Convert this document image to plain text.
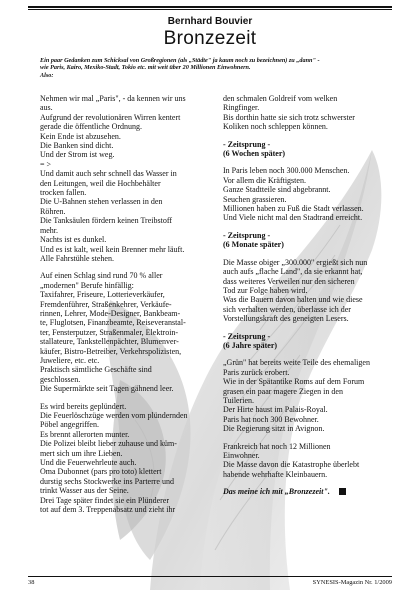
Bernhard Bouvier
Bronzezeit
Ein paar Gedanken zum Schicksal von Großregionen (als „Städte" ja kaum noch zu bezeichnen) zu „dann" -
wie Paris, Kairo, Mexiko-Stadt, Tokio etc. mit weit über 20 Millionen Einwohnern.
Also:

Nehmen wir mal „Paris", - da kennen wir uns
aus.
Aufgrund der revolutionären Wirren kentert
gerade die öffentliche Ordnung.
Kein Ende ist abzusehen.
Die Banken sind dicht.
Und der Strom ist weg.
= >
Und damit auch sehr schnell das Wasser in
den Leitungen, weil die Hochbehälter
trocken fallen.
Die U-Bahnen stehen verlassen in den
Röhren.
Die Tanksäulen fördern keinen Treibstoff
mehr.
Nachts ist es dunkel.
Und es ist kalt, weil kein Brenner mehr läuft.
Alle Fahrstühle stehen.

Auf einen Schlag sind rund 70 % aller
„modernen" Berufe hinfällig:
Taxifahrer, Friseure, Lotterieverkäufer,
Fremdenführer, Straßenkehrer, Verkäufe-
rinnen, Lehrer, Mode-Designer, Bankbeam-
te, Fluglotsen, Finanzbeamte, Reiseveranstal-
ter, Fensterputzer, Straßenmaler, Elektroin-
stallateure, Tankstellenpächter, Blumenver-
käufer, Bistro-Betreiber, Verkehrspolizisten,
Juweliere, etc. etc.
Praktisch sämtliche Geschäfte sind
geschlossen.
Die Supermärkte seit Tagen gähnend leer.

Es wird bereits geplündert.
Die Feuerlöschzüge werden vom plündernden
Pöbel angegriffen.
Es brennt allerorten munter.
Die Polizei bleibt lieber zuhause und küm-
mert sich um ihre Lieben.
Und die Feuerwehrleute auch.
Oma Dubonnet (pars pro toto) klettert
durstig sechs Stockwerke ins Parterre und
trinkt Wasser aus der Seine.
Drei Tage später findet sie ein Plünderer
tot auf dem 3. Treppenabsatz und zieht ihr

den schmalen Goldreif vom welken
Ringfinger.
Bis dorthin hatte sie sich trotz schwerster
Koliken noch schleppen können.

- Zeitsprung -
(6 Wochen später)

In Paris leben noch 300.000 Menschen.
Vor allem die Kräftigsten.
Ganze Stadtteile sind abgebrannt.
Seuchen grassieren.
Millionen haben zu Fuß die Stadt verlassen.
Und Viele nicht mal den Stadtrand erreicht.

- Zeitsprung -
(6 Monate später)

Die Masse obiger „300.000" ergießt sich nun
auch aufs „flache Land", da sie erkannt hat,
dass weiteres Verweilen nur den sicheren
Tod zur Folge haben wird.
Was die Bauern davon halten und wie diese
sich verhalten werden, überlasse ich der
Vorstellungskraft des geneigten Lesers.

- Zeitsprung -
(6 Jahre später)

„Grün" hat bereits weite Teile des ehemaligen
Paris zurück erobert.
Wie in der Spätantike Roms auf dem Forum
grasen ein paar magere Ziegen in den
Tuilerien.
Der Hirte haust im Palais-Royal.
Paris hat noch 300 Bewohner.
Die Regierung sitzt in Avignon.

Frankreich hat noch 12 Millionen
Einwohner.
Die Masse davon die Katastrophe überlebt
habende wehrhafte Kleinbauern.

Das meine ich mit „Bronzezeit".
38	SYNESIS-Magazin Nr. 1/2009
